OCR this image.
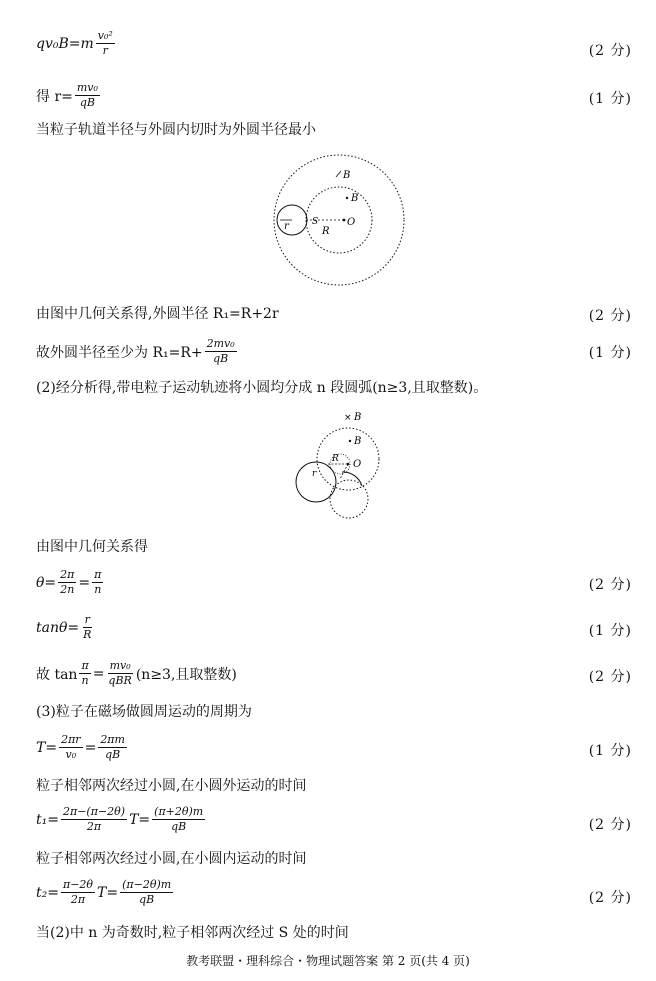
$qv_0B=m \frac{\text{v₀²}}{r}$	(2 分)
得 $r= \frac{\text{mv₀}}{qB}$	(1 分)
当粒子轨道半径与外圆内切时为外圆半径最小
B
B
r	S
R
O
由图中几何关系得,外圆半径 R₁=R+2r	(2 分)
故外圆半径至少为 $R_1=R+ \frac{\text{2mv₀}}{qB}$	(1 分)
(2)经分析得,带电粒子运动轨迹将小圆均分成 n 段圆弧(n≥3,且取整数)。
× B
B
r
R O
由图中几何关系得
$\theta= \frac{2\pi}{2n} = \frac{\pi}{n}$	(2 分)
$\tan\theta= \frac{r}{R}$	(1 分)
故 $\tan \frac{\pi}{n} = \frac{\text{mv₀}}{\text{qBR}} (n\ge 3$,且取整数)	(2 分)
(3)粒子在磁场做圆周运动的周期为
$T= \frac{2\pi r}{\text{v₀}} = \frac{2\pi m}{qB}$	(1 分)
粒子相邻两次经过小圆,在小圆外运动的时间
$t_1= \frac{2\pi-(\pi-2\theta)}{2\pi} T= \frac{(\pi+2\theta)m}{qB}$	(2 分)
粒子相邻两次经过小圆,在小圆内运动的时间
$t_2= \frac{\pi-2\theta}{2\pi} T= \frac{(\pi-2\theta)m}{qB}$	(2 分)
当(2)中 n 为奇数时,粒子相邻两次经过 S 处的时间
教考联盟・理科综合・物理试题答案 第 2 页(共 4 页)
